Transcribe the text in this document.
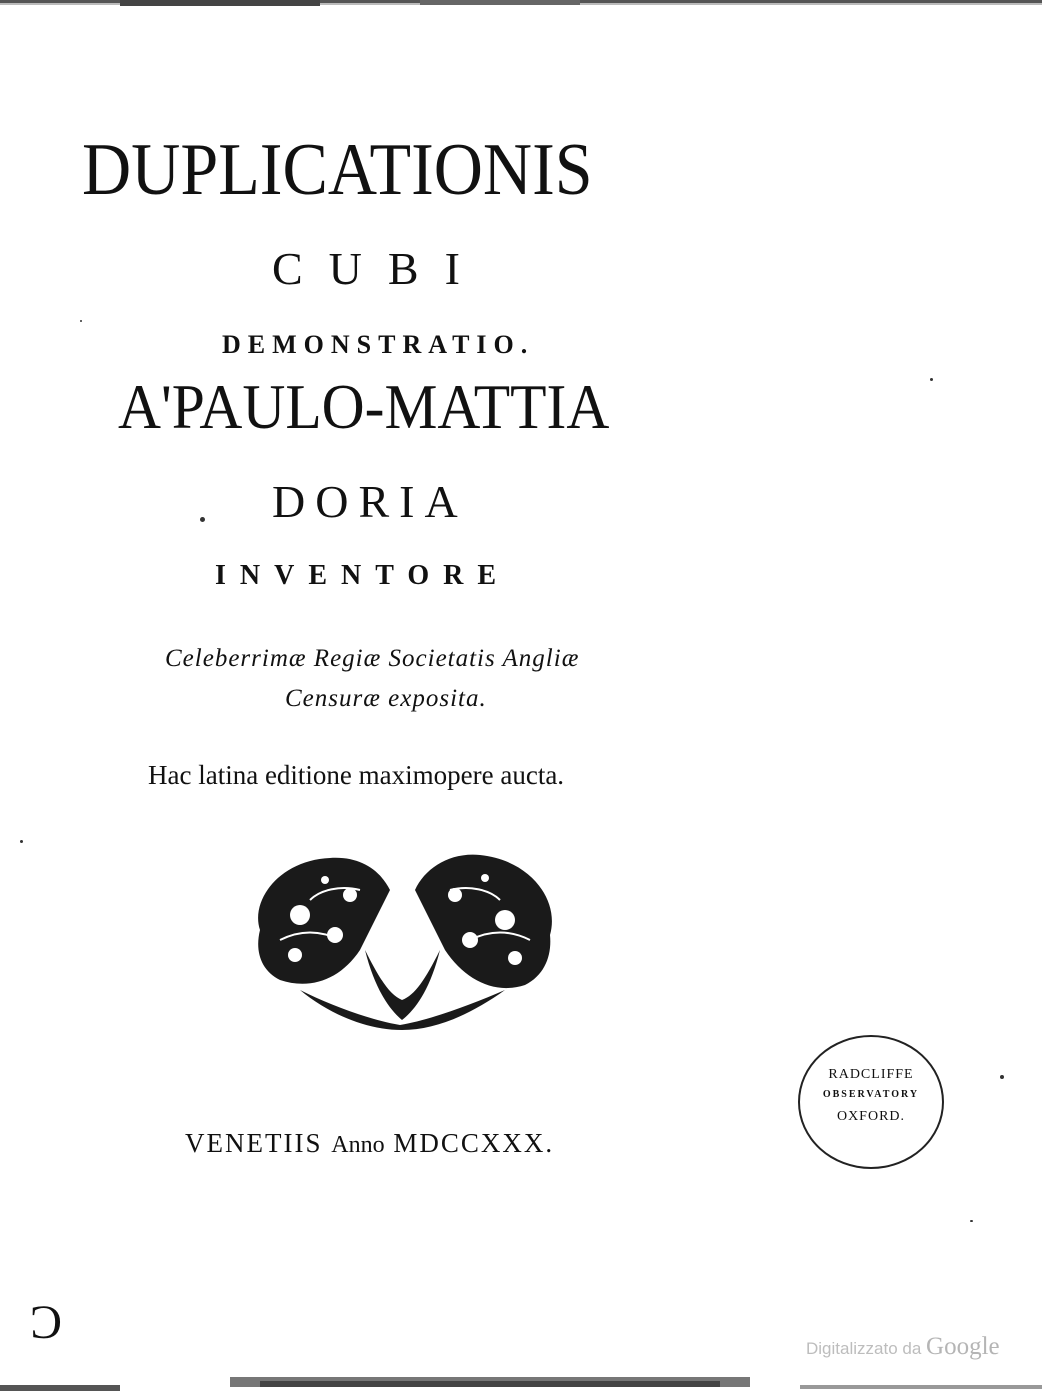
DUPLICATIONIS
CUBI
DEMONSTRATIO.
A'PAULO-MATTIA
DORIA
INVENTORE
Celeberrimæ Regiæ Societatis Angliæ
Censuræ exposita.
Hac latina editione maximopere aucta.
VENETIIS Anno MDCCXXX.
RADCLIFFE
OBSERVATORY
OXFORD.
Ɔ	Digitalizzato da Google
